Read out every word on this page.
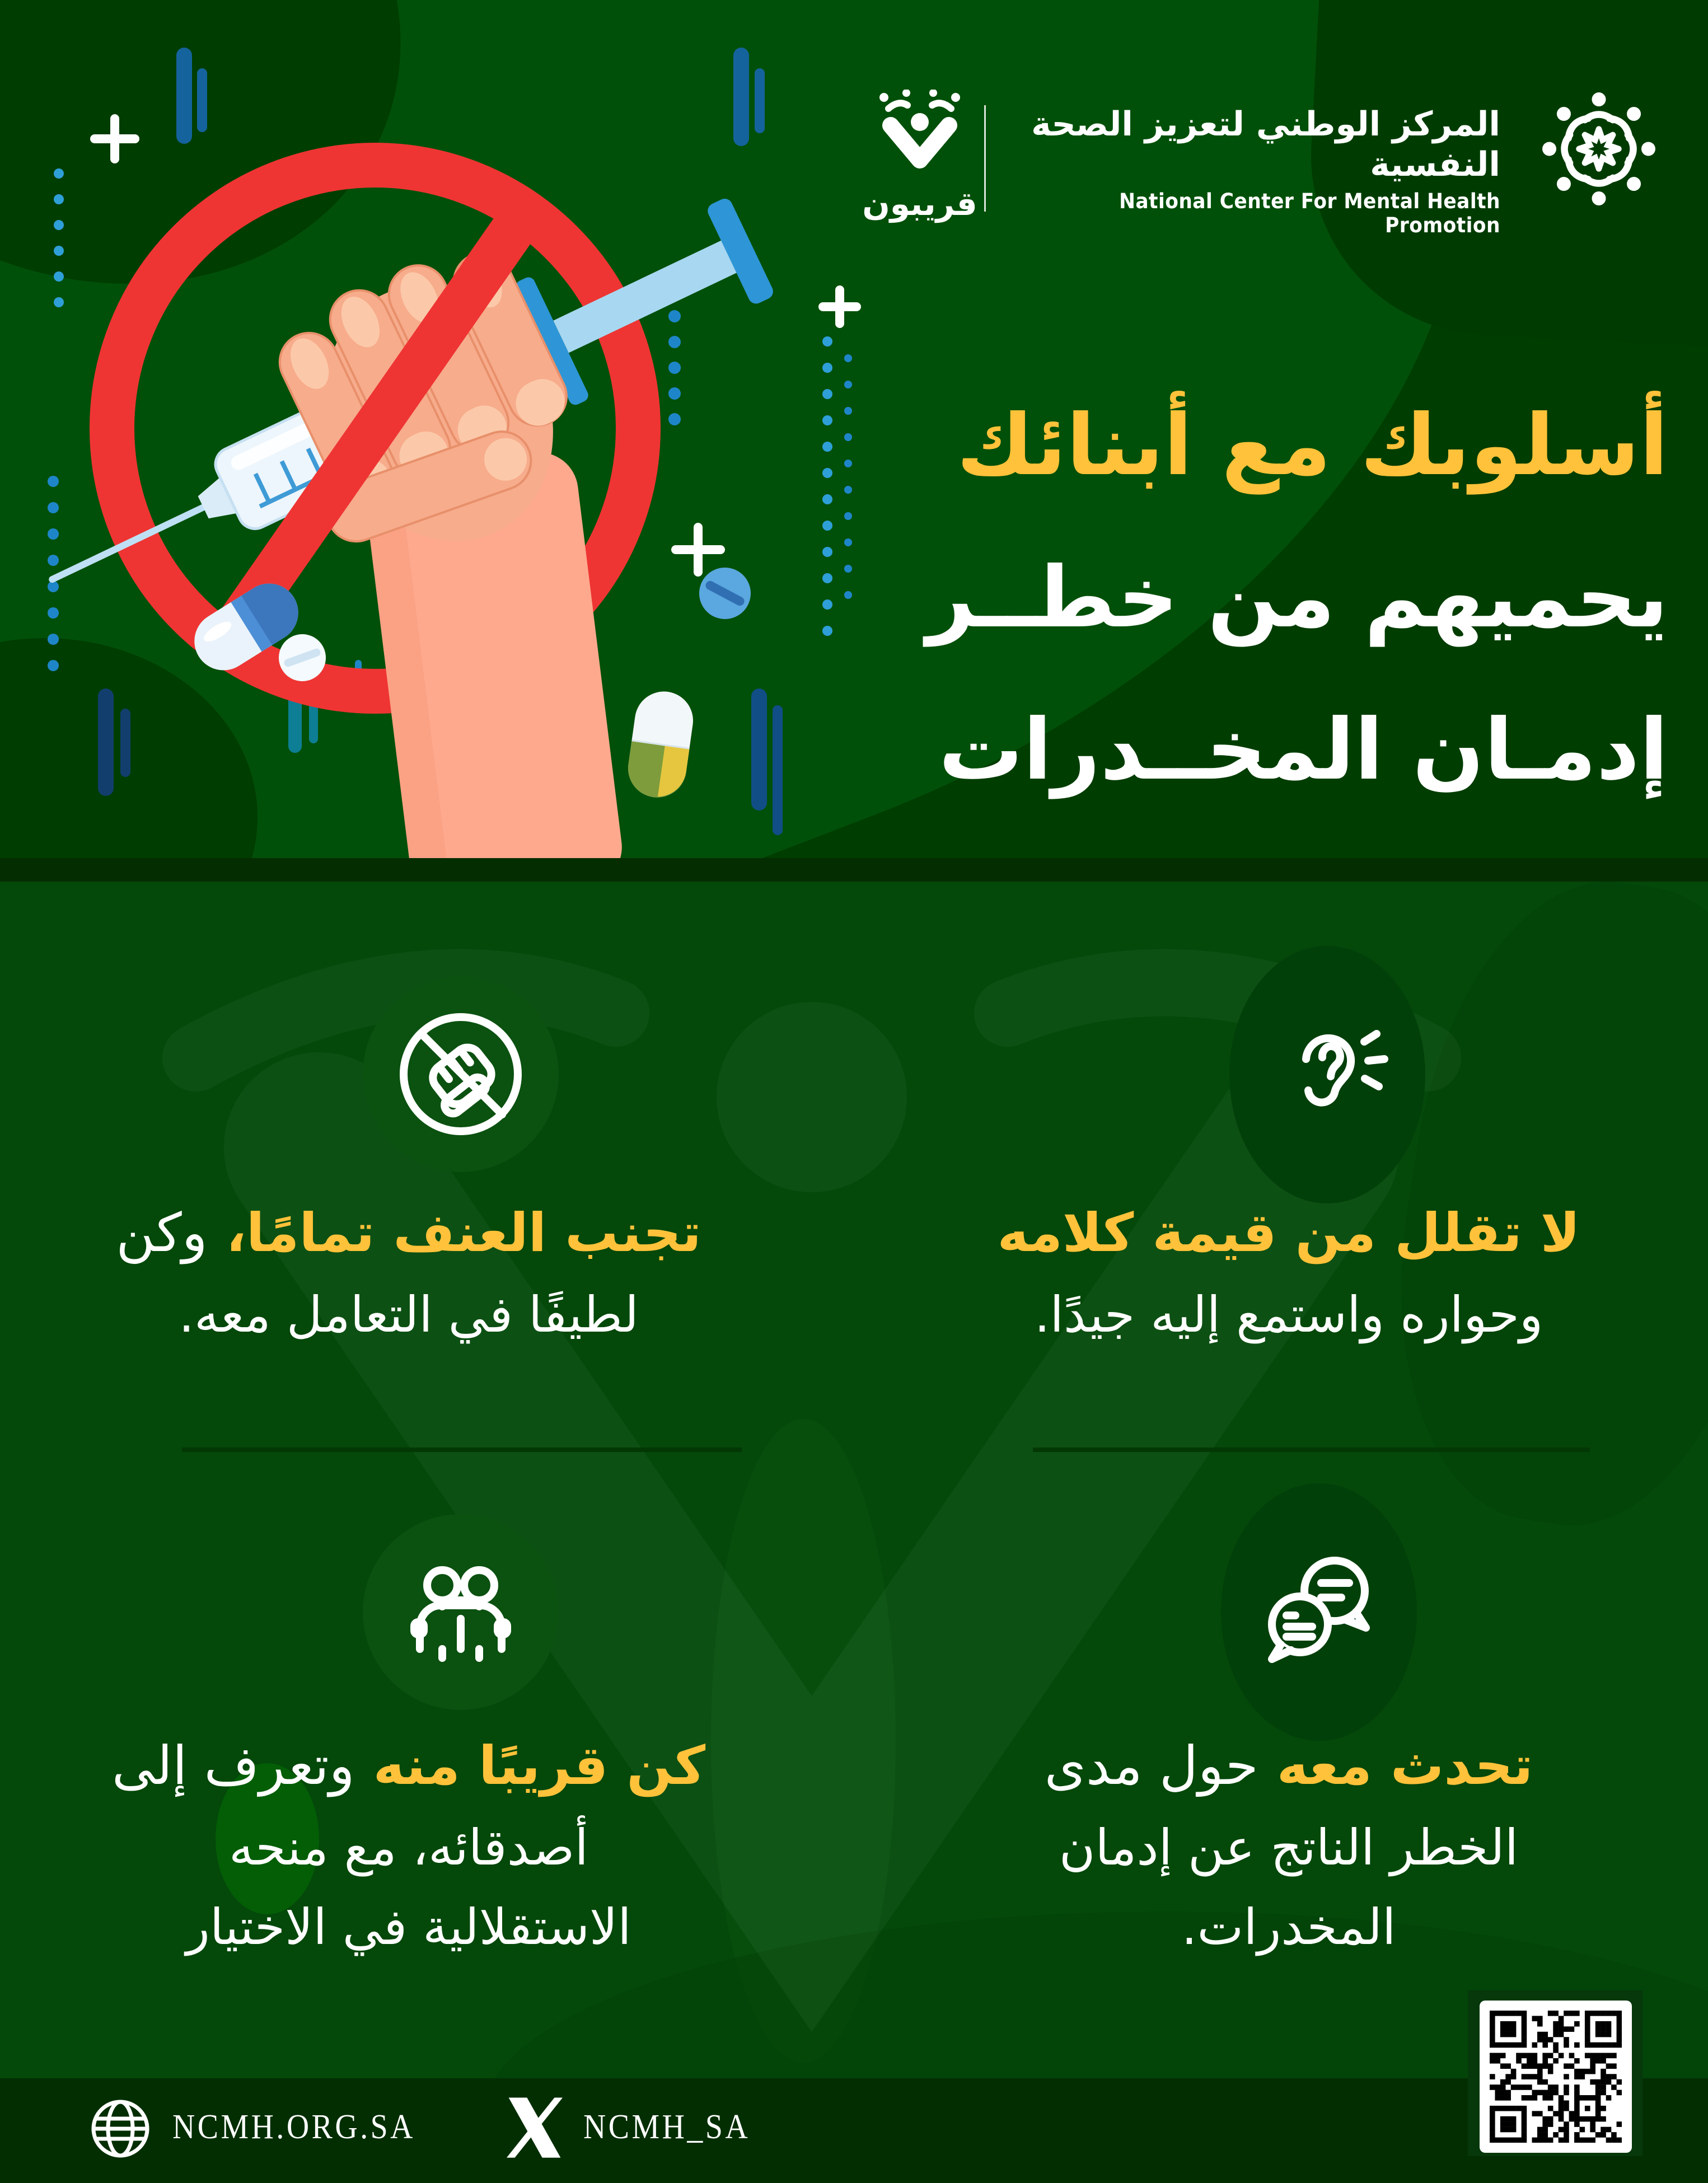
قريبون
المركز الوطني لتعزيز الصحة النفسية
National Center For Mental Health Promotion
أسلوبك مع أبنائك
يحميهم من خطــر
إدمـان المخــدرات
تجنب العنف تمامًا، وكن
لطيفًا في التعامل معه.
لا تقلل من قيمة كلامه
وحواره واستمع إليه جيدًا.
كن قريبًا منه وتعرف إلى
أصدقائه، مع منحه
الاستقلالية في الاختيار
تحدث معه حول مدى
الخطر الناتج عن إدمان
المخدرات.
NCMH.ORG.SA	NCMH_SA
